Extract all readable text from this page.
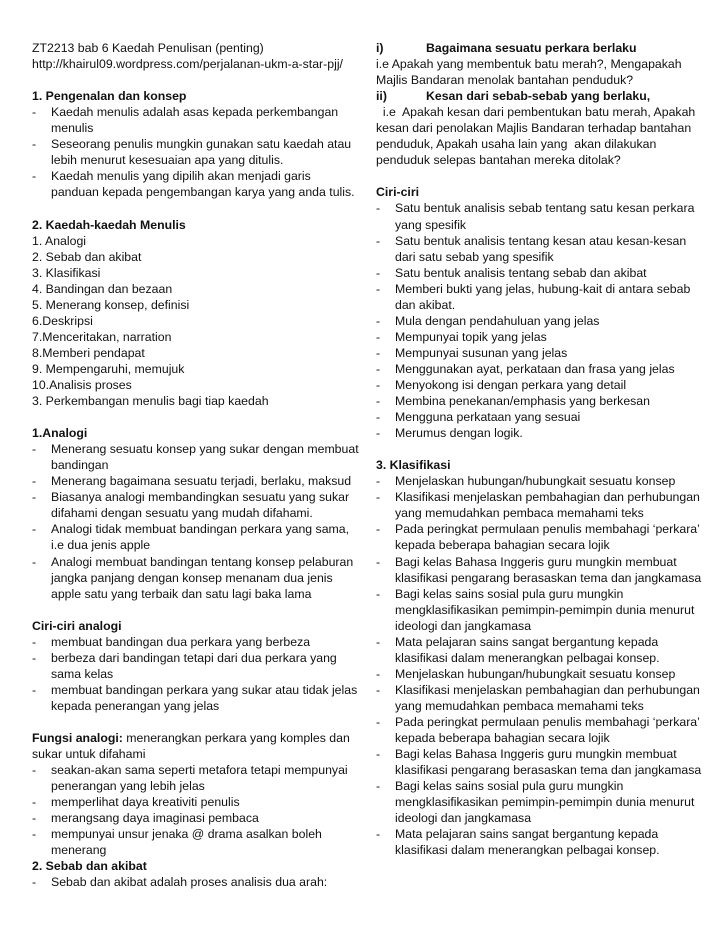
ZT2213 bab 6 Kaedah Penulisan (penting)
http://khairul09.wordpress.com/perjalanan-ukm-a-star-pjj/
1. Pengenalan dan konsep
- Kaedah menulis adalah asas kepada perkembangan
menulis
- Seseorang penulis mungkin gunakan satu kaedah atau
lebih menurut kesesuaian apa yang ditulis.
- Kaedah menulis yang dipilih akan menjadi garis
panduan kepada pengembangan karya yang anda tulis.
2. Kaedah-kaedah Menulis
1. Analogi
2. Sebab dan akibat
3. Klasifikasi
4. Bandingan dan bezaan
5. Menerang konsep, definisi
6.Deskripsi
7.Menceritakan, narration
8.Memberi pendapat
9. Mempengaruhi, memujuk
10.Analisis proses
3. Perkembangan menulis bagi tiap kaedah
1.Analogi
- Menerang sesuatu konsep yang sukar dengan membuat
bandingan
- Menerang bagaimana sesuatu terjadi, berlaku, maksud
- Biasanya analogi membandingkan sesuatu yang sukar
difahami dengan sesuatu yang mudah difahami.
- Analogi tidak membuat bandingan perkara yang sama,
i.e dua jenis apple
- Analogi membuat bandingan tentang konsep pelaburan
jangka panjang dengan konsep menanam dua jenis
apple satu yang terbaik dan satu lagi baka lama
Ciri-ciri analogi
- membuat bandingan dua perkara yang berbeza
- berbeza dari bandingan tetapi dari dua perkara yang
sama kelas
- membuat bandingan perkara yang sukar atau tidak jelas
kepada penerangan yang jelas
Fungsi analogi: menerangkan perkara yang komples dan
sukar untuk difahami
- seakan-akan sama seperti metafora tetapi mempunyai
penerangan yang lebih jelas
- memperlihat daya kreativiti penulis
- merangsang daya imaginasi pembaca
- mempunyai unsur jenaka @ drama asalkan boleh
menerang
2. Sebab dan akibat
- Sebab dan akibat adalah proses analisis dua arah:
i)	Bagaimana sesuatu perkara berlaku
i.e Apakah yang membentuk batu merah?, Mengapakah
Majlis Bandaran menolak bantahan penduduk?
ii)	Kesan dari sebab-sebab yang berlaku,
i.e  Apakah kesan dari pembentukan batu merah, Apakah
kesan dari penolakan Majlis Bandaran terhadap bantahan
penduduk, Apakah usaha lain yang  akan dilakukan
penduduk selepas bantahan mereka ditolak?
Ciri-ciri
- Satu bentuk analisis sebab tentang satu kesan perkara
yang spesifik
- Satu bentuk analisis tentang kesan atau kesan-kesan
dari satu sebab yang spesifik
- Satu bentuk analisis tentang sebab dan akibat
- Memberi bukti yang jelas, hubung-kait di antara sebab
dan akibat.
- Mula dengan pendahuluan yang jelas
- Mempunyai topik yang jelas
- Mempunyai susunan yang jelas
- Menggunakan ayat, perkataan dan frasa yang jelas
- Menyokong isi dengan perkara yang detail
- Membina penekanan/emphasis yang berkesan
- Mengguna perkataan yang sesuai
- Merumus dengan logik.
3. Klasifikasi
- Menjelaskan hubungan/hubungkait sesuatu konsep
- Klasifikasi menjelaskan pembahagian dan perhubungan
yang memudahkan pembaca memahami teks
- Pada peringkat permulaan penulis membahagi ‘perkara’
kepada beberapa bahagian secara lojik
- Bagi kelas Bahasa Inggeris guru mungkin membuat
klasifikasi pengarang berasaskan tema dan jangkamasa
- Bagi kelas sains sosial pula guru mungkin
mengklasifikasikan pemimpin-pemimpin dunia menurut
ideologi dan jangkamasa
- Mata pelajaran sains sangat bergantung kepada
klasifikasi dalam menerangkan pelbagai konsep.
- Menjelaskan hubungan/hubungkait sesuatu konsep
- Klasifikasi menjelaskan pembahagian dan perhubungan
yang memudahkan pembaca memahami teks
- Pada peringkat permulaan penulis membahagi ‘perkara’
kepada beberapa bahagian secara lojik
- Bagi kelas Bahasa Inggeris guru mungkin membuat
klasifikasi pengarang berasaskan tema dan jangkamasa
- Bagi kelas sains sosial pula guru mungkin
mengklasifikasikan pemimpin-pemimpin dunia menurut
ideologi dan jangkamasa
- Mata pelajaran sains sangat bergantung kepada
klasifikasi dalam menerangkan pelbagai konsep.
